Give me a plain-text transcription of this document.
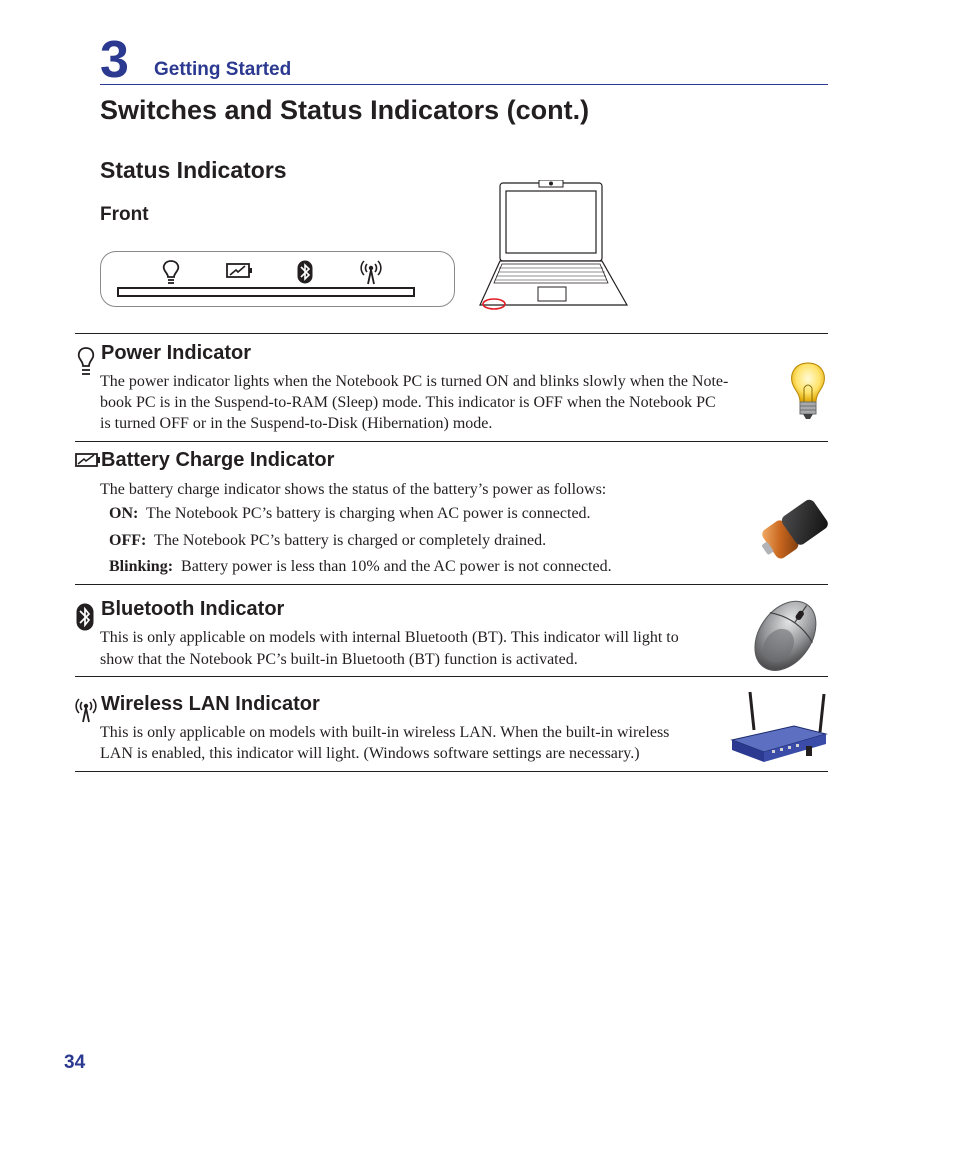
3 Getting Started
Switches and Status Indicators (cont.)
Status Indicators
Front
Power Indicator
The power indicator lights when the Notebook PC is turned ON and blinks slowly when the Note-
book PC is in the Suspend-to-RAM (Sleep) mode. This indicator is OFF when the Notebook PC
is turned OFF or in the Suspend-to-Disk (Hibernation) mode.
Battery Charge Indicator
The battery charge indicator shows the status of the battery’s power as follows:
ON: The Notebook PC’s battery is charging when AC power is connected.
OFF: The Notebook PC’s battery is charged or completely drained.
Blinking: Battery power is less than 10% and the AC power is not connected.
Bluetooth Indicator
This is only applicable on models with internal Bluetooth (BT). This indicator will light to
show that the Notebook PC’s built-in Bluetooth (BT) function is activated.
Wireless LAN Indicator
This is only applicable on models with built-in wireless LAN. When the built-in wireless
LAN is enabled, this indicator will light. (Windows software settings are necessary.)
34
